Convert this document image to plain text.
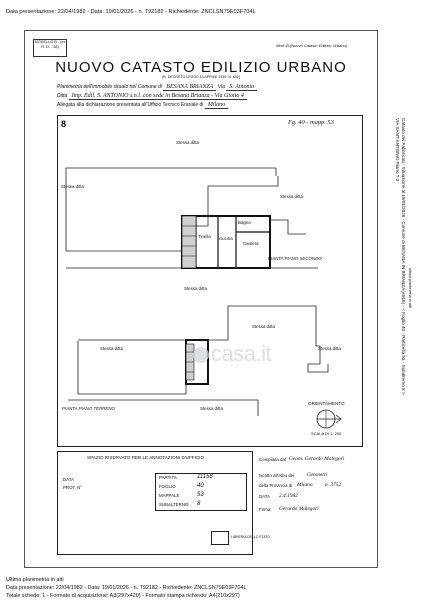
Data presentazione: 22/04/1982 - Data: 19/01/2026 - n. T92182 - Richiedente: ZNCLSN79E03F704L
Catasto dei Fabbricati - Situazione al 19/01/2026 - Comune di BESANA IN BRIANZA(A818) - < Foglio 40 - Particella 53 - Subalterno 8 >
VIA SANT ANTONIO Piano T-2
ultima planimetria in atti
MODELLO B - (ex R. D. - 38)	Mod. B (Nuovo Catasto Edilizio Urbano)
NUOVO CATASTO EDILIZIO URBANO
(R. DECRETO LEGGE 13 APRILE 1939, N. 652)
Planimetria dell'immobile situato nel Comune di BESANA BRIANZA Via S. Antonio
Ditta Imp. Edil. S. ANTONIO s.n.l. con sede in Besana Brianza - Via Giotto 4
Allegata alla dichiarazione presentata all'Ufficio Tecnico Erariale di Milano
8	Fg. 40 - mapp. 53
Stessa ditta
Stessa ditta
Stessa ditta
Stessa ditta
Bagno
Cucina
Camera
Tinello
PIANTA PIANO SECONDO
Stessa ditta
Stessa ditta	Stessa ditta
PIANTA PIANO TERRENO	Stessa ditta
ORIENTAMENTO
SCALA DI 1: 200
casa.it
SPAZIO RISERVATO PER LE ANNOTAZIONI D'UFFICIO
DATA
PROT. N°
PARTITA	11158
FOGLIO	40
MAPPALE	53
SUBALTERNO 8
LIBRERIA DELLO STATO
Compilata dal Geom. Gerardo Malegori
Iscritto all'Albo dei Geometri
della Provincia di Milano n. 3752
DATA 2.4.1982
Firma: Gerardo Malegori
Ultima planimetria in atti
Data presentazione: 22/04/1982 - Data: 19/01/2026 - n. T92182 - Richiedente: ZNCLSN79E03F704L
Totale schede: 1 - Formato di acquisizione: A3(297x420) - Formato stampa richiesto: A4(210x297)
